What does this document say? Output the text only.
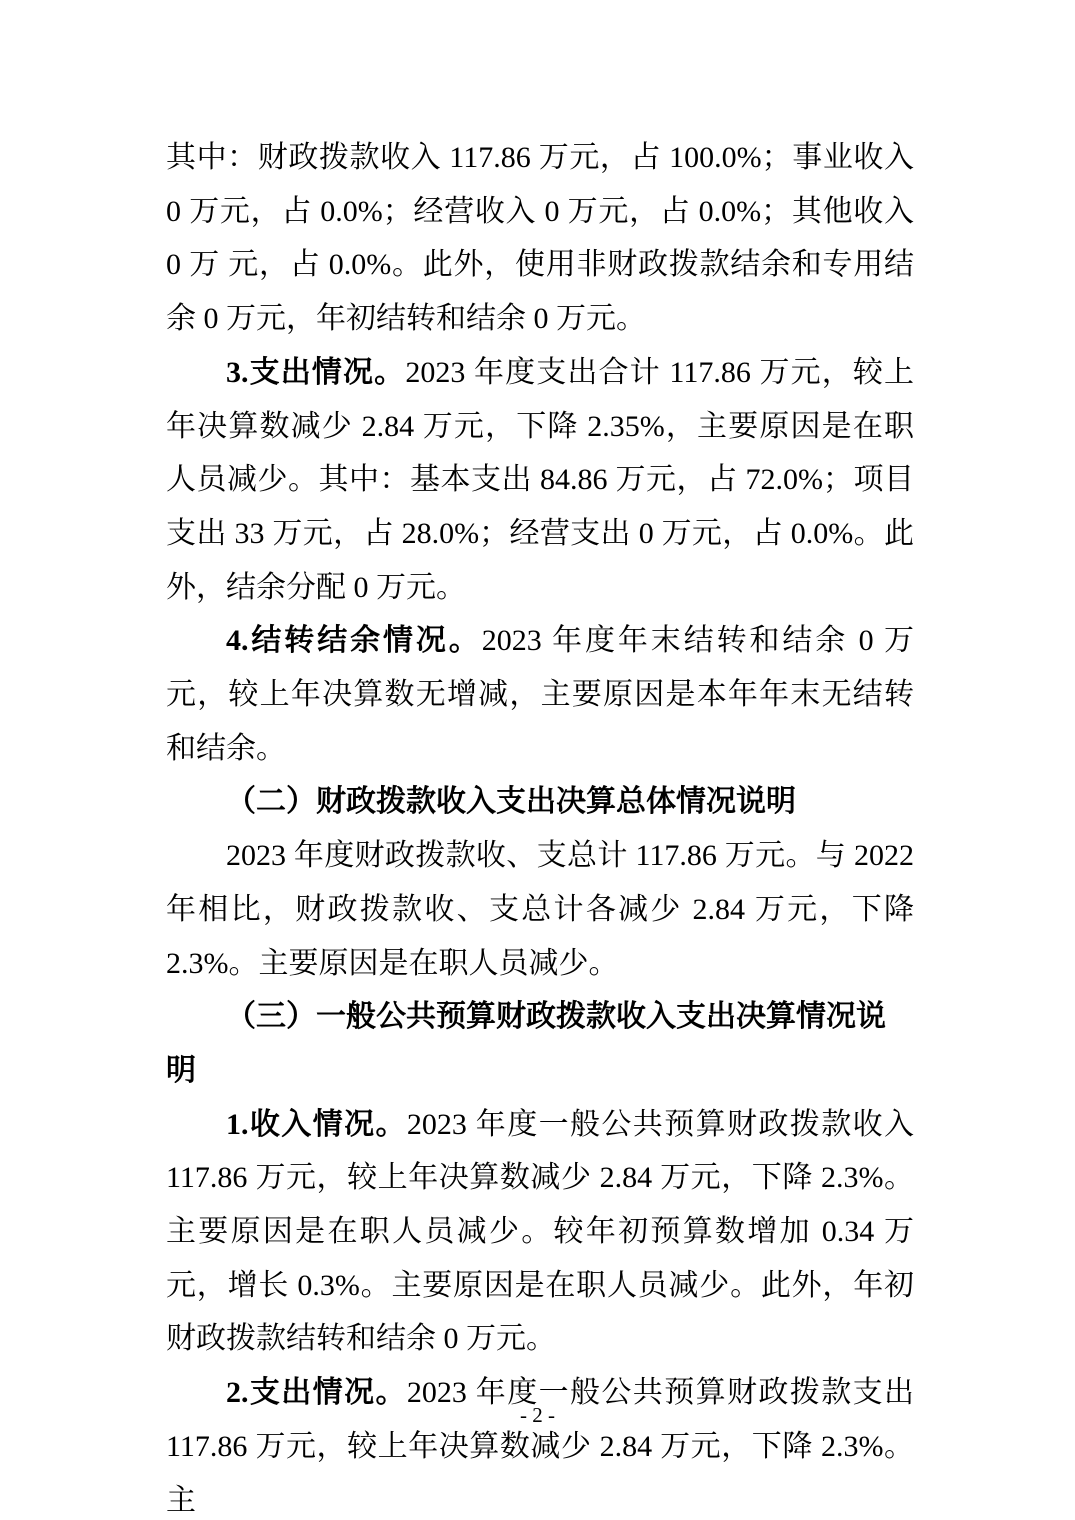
其中：财政拨款收入 117.86 万元，占 100.0%；事业收入 0 万元，占 0.0%；经营收入 0 万元，占 0.0%；其他收入 0 万 元，占 0.0%。此外，使用非财政拨款结余和专用结余 0 万元，年初结转和结余 0 万元。

3.支出情况。2023 年度支出合计 117.86 万元，较上年决算数减少 2.84 万元，下降 2.35%，主要原因是在职人员减少。其中：基本支出 84.86 万元，占 72.0%；项目支出 33 万元，占 28.0%；经营支出 0 万元，占 0.0%。此外，结余分配 0 万元。

4.结转结余情况。2023 年度年末结转和结余 0 万元，较上年决算数无增减，主要原因是本年年末无结转和结余。

（二）财政拨款收入支出决算总体情况说明

2023 年度财政拨款收、支总计 117.86 万元。与 2022 年相比，财政拨款收、支总计各减少 2.84 万元，下降 2.3%。主要原因是在职人员减少。

（三）一般公共预算财政拨款收入支出决算情况说明

1.收入情况。2023 年度一般公共预算财政拨款收入 117.86 万元，较上年决算数减少 2.84 万元，下降 2.3%。主要原因是在职人员减少。较年初预算数增加 0.34 万元，增长 0.3%。主要原因是在职人员减少。此外，年初财政拨款结转和结余 0 万元。

2.支出情况。2023 年度一般公共预算财政拨款支出 117.86 万元，较上年决算数减少 2.84 万元，下降 2.3%。主

- 2 -
